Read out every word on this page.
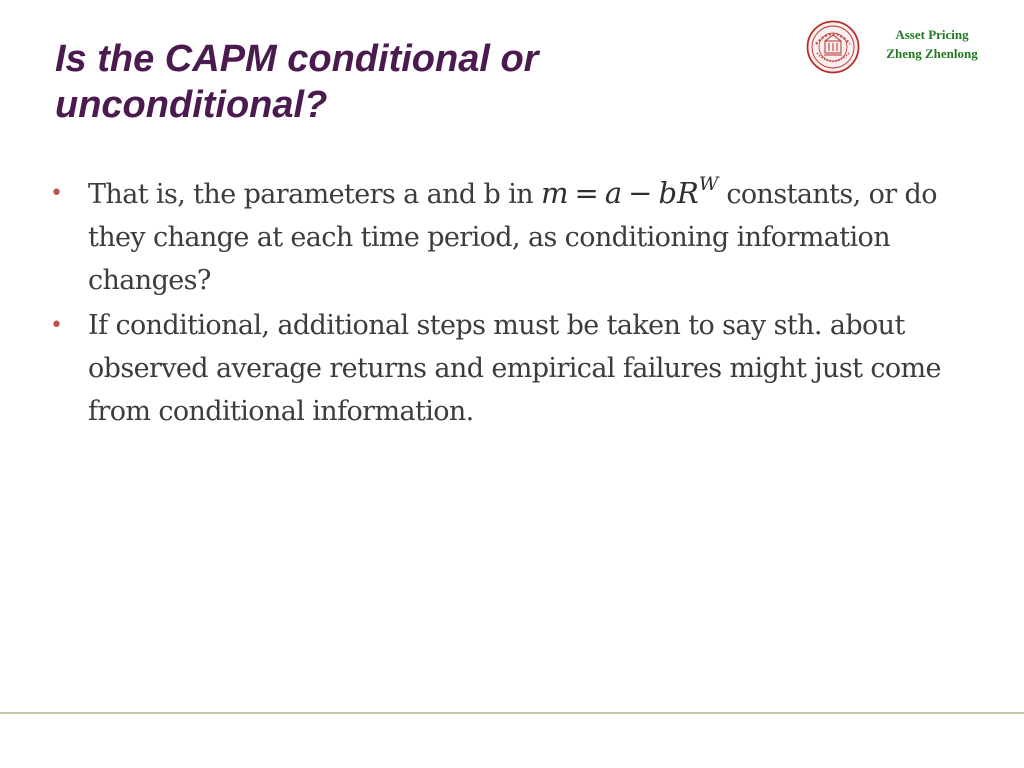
Is the CAPM conditional or unconditional?
Asset Pricing
Zheng Zhenlong
• That is, the parameters a and b in $m = a - bR^W$ constants, or do they change at each time period, as conditioning information changes?
• If conditional, additional steps must be taken to say sth. about observed average returns and empirical failures might just come from conditional information.
